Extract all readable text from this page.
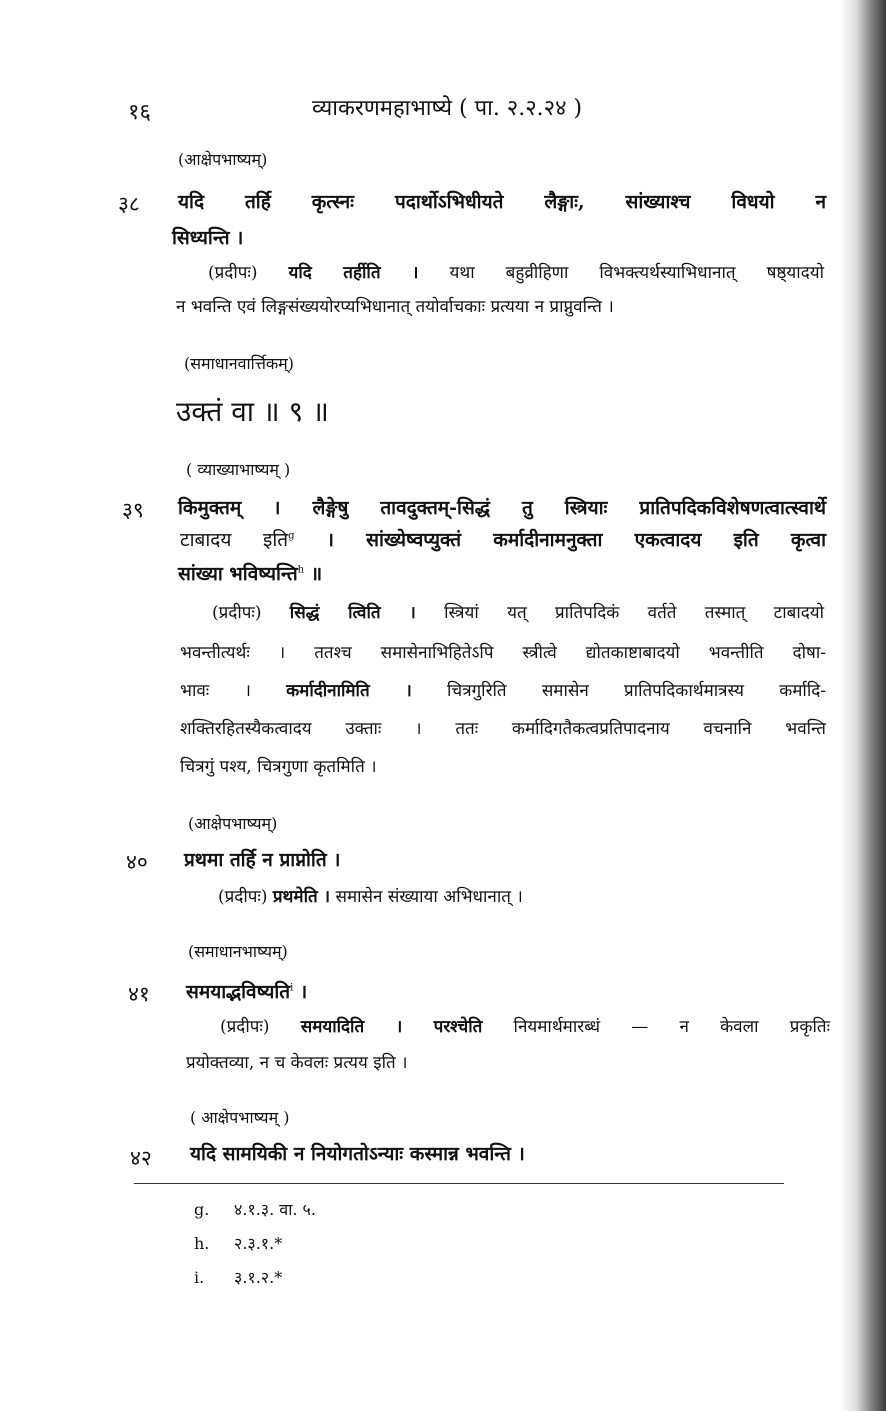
१६	व्याकरणमहाभाष्ये ( पा. २.२.२४ )
(आक्षेपभाष्यम्)
३८ यदि तर्हि कृत्स्नः पदार्थोऽभिधीयते लैङ्गाः, सांख्याश्च विधयो न
सिध्यन्ति ।
(प्रदीपः) यदि तर्हीति । यथा बहुव्रीहिणा विभक्त्यर्थस्याभिधानात् षष्ठ्यादयो
न भवन्ति एवं लिङ्गसंख्ययोरप्यभिधानात् तयोर्वाचकाः प्रत्यया न प्राप्नुवन्ति ।
(समाधानवार्त्तिकम्)
उक्तं वा ॥ ९ ॥
( व्याख्याभाष्यम् )
३९ किमुक्तम् । लैङ्गेषु तावदुक्तम्-सिद्धं तु स्त्रियाः प्रातिपदिकविशेषणत्वात्स्वार्थे
टाबादय इति$^g$ । सांख्येष्वप्युक्तं कर्मादीनामनुक्ता एकत्वादय इति कृत्वा
सांख्या भविष्यन्ति$^h$ ॥
(प्रदीपः) सिद्धं त्विति । स्त्रियां यत् प्रातिपदिकं वर्तते तस्मात् टाबादयो
भवन्तीत्यर्थः । ततश्च समासेनाभिहितेऽपि स्त्रीत्वे द्योतकाष्टाबादयो भवन्तीति दोषा-
भावः । कर्मादीनामिति । चित्रगुरिति समासेन प्रातिपदिकार्थमात्रस्य कर्मादि-
शक्तिरहितस्यैकत्वादय उक्ताः । ततः कर्मादिगतैकत्वप्रतिपादनाय वचनानि भवन्ति
चित्रगुं पश्य, चित्रगुणा कृतमिति ।
(आक्षेपभाष्यम्)
४० प्रथमा तर्हि न प्राप्नोति ।
(प्रदीपः) प्रथमेति । समासेन संख्याया अभिधानात् ।
(समाधानभाष्यम्)
४१ समयाद्भविष्यति$^i$ ।
(प्रदीपः) समयादिति । परश्चेति नियमार्थमारब्धं — न केवला प्रकृतिः
प्रयोक्तव्या, न च केवलः प्रत्यय इति ।
( आक्षेपभाष्यम् )
४२ यदि सामयिकी न नियोगतोऽन्याः कस्मान्न भवन्ति ।
g. ४.१.३. वा. ५.
h. २.३.१.*
i. ३.१.२.*
